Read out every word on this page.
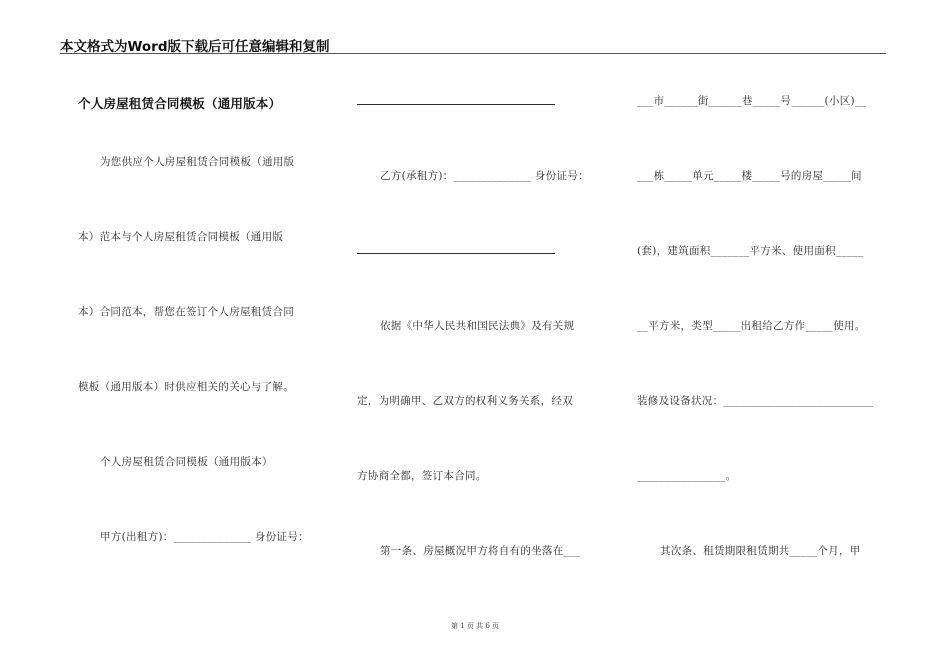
本文格式为Word版下载后可任意编辑和复制
个人房屋租赁合同模板（通用版本）
为您供应个人房屋租赁合同模板（通用版
本）范本与个人房屋租赁合同模板（通用版
本）合同范本，帮您在签订个人房屋租赁合同
模板（通用版本）时供应相关的关心与了解。
个人房屋租赁合同模板（通用版本）
甲方(出租方)：______________ 身份证号：
乙方(承租方)：______________ 身份证号：
依据《中华人民共和国民法典》及有关规
定，为明确甲、乙双方的权利义务关系，经双
方协商全都，签订本合同。
第一条、房屋概况甲方将自有的坐落在___
___市______街______巷_____号______(小区)__
___栋_____单元_____楼_____号的房屋_____间
(套)，建筑面积_______平方米、使用面积_____
__平方米，类型_____出租给乙方作_____使用。
装修及设备状况：___________________________
________________。
其次条、租赁期限租赁期共_____个月，甲
第 1 页 共 6 页
